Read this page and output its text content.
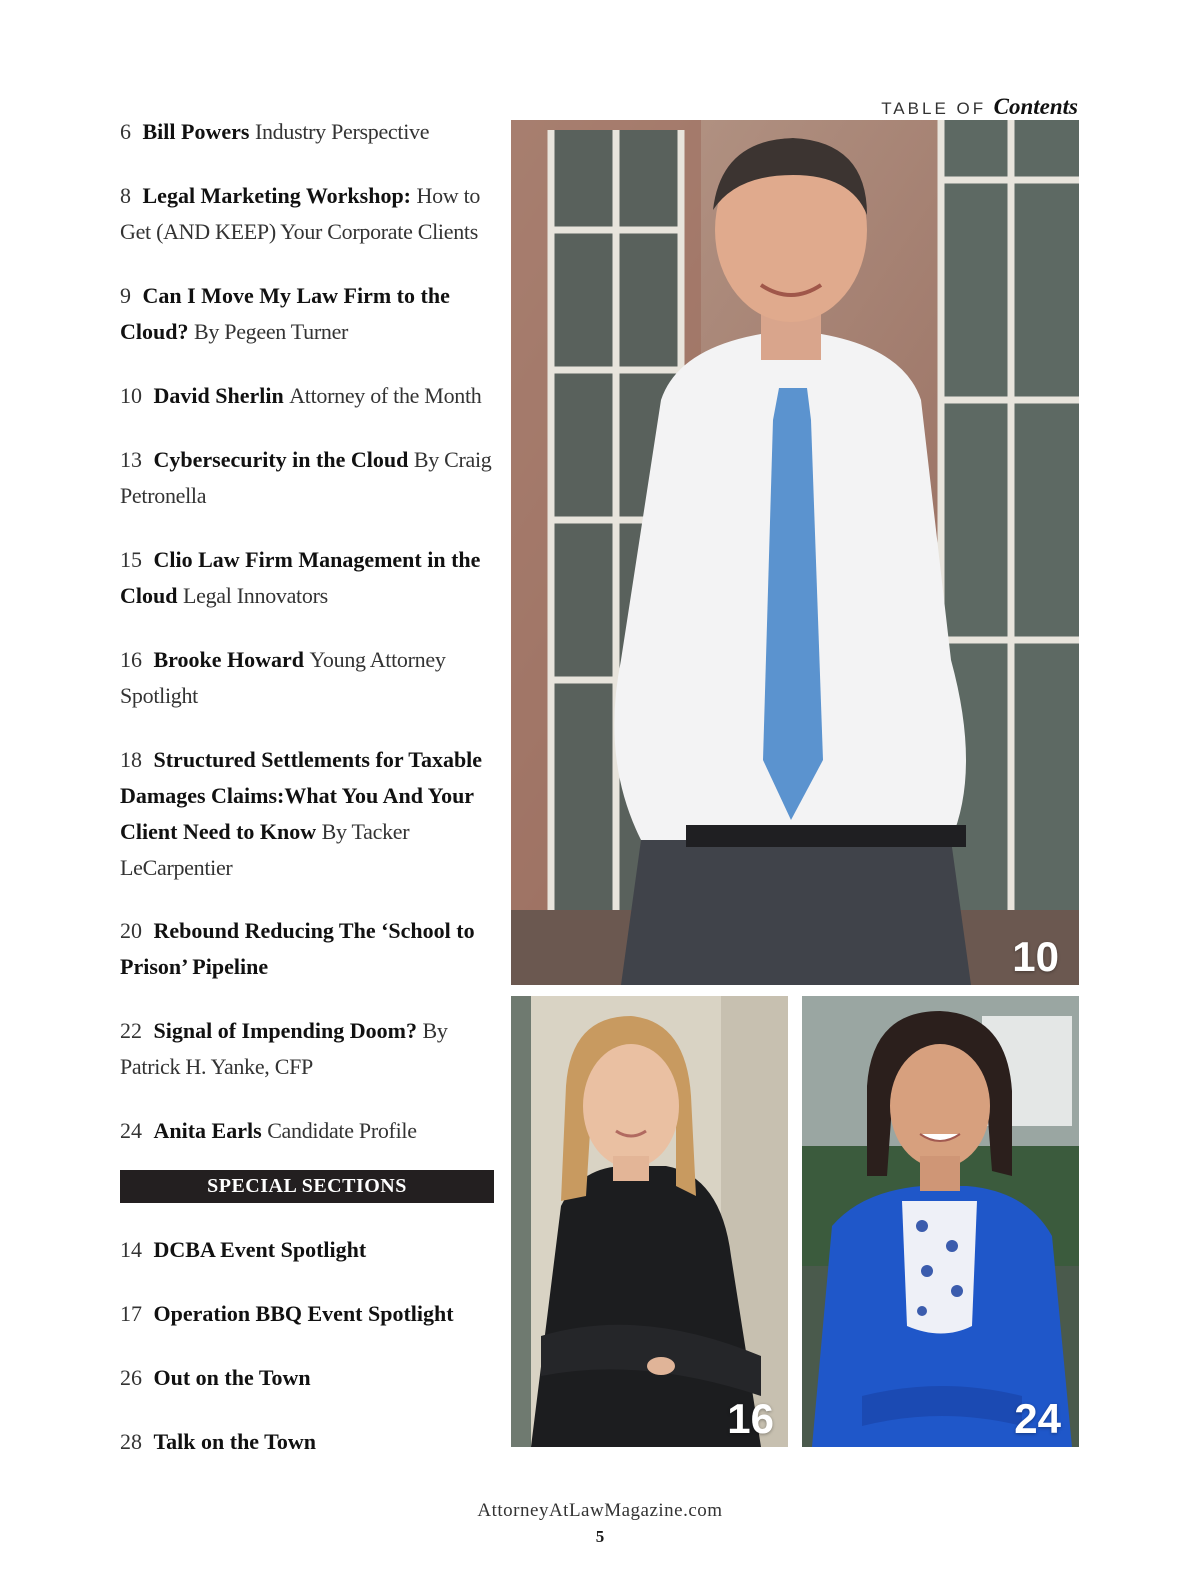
TABLE OF Contents

6 Bill Powers Industry Perspective

8 Legal Marketing Workshop: How to Get (AND KEEP) Your Corporate Clients

9 Can I Move My Law Firm to the Cloud? By Pegeen Turner

10 David Sherlin Attorney of the Month

13 Cybersecurity in the Cloud By Craig Petronella

15 Clio Law Firm Management in the Cloud Legal Innovators

16 Brooke Howard Young Attorney Spotlight

18 Structured Settlements for Taxable Damages Claims:What You And Your Client Need to Know By Tacker LeCarpentier

20 Rebound Reducing The ‘School to Prison’ Pipeline

22 Signal of Impending Doom? By Patrick H. Yanke, CFP

24 Anita Earls Candidate Profile

SPECIAL SECTIONS

14 DCBA Event Spotlight

17 Operation BBQ Event Spotlight

26 Out on the Town

28 Talk on the Town

10
16	24
AttorneyAtLawMagazine.com
5
